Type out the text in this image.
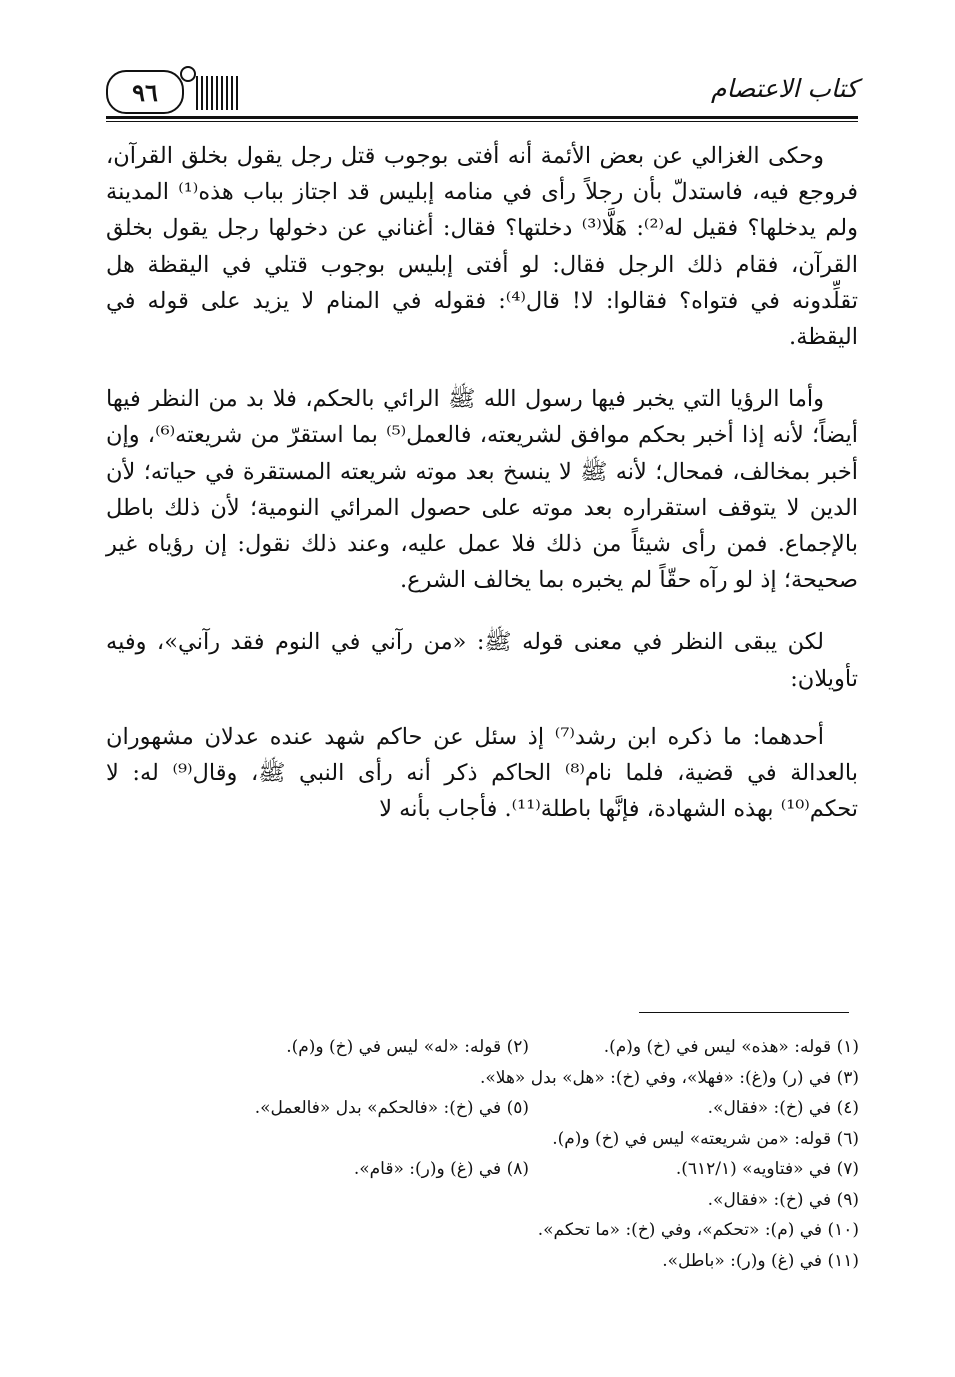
٩٦	كتاب الاعتصام

وحكى الغزالي عن بعض الأئمة أنه أفتى بوجوب قتل رجل يقول بخلق القرآن، فروجع فيه، فاستدلّ بأن رجلاً رأى في منامه إبليس قد اجتاز بباب هذه⁽¹⁾ المدينة ولم يدخلها؟ فقيل له⁽²⁾: هَلَّا⁽³⁾ دخلتها؟ فقال: أغناني عن دخولها رجل يقول بخلق القرآن، فقام ذلك الرجل فقال: لو أفتى إبليس بوجوب قتلي في اليقظة هل تقلِّدونه في فتواه؟ فقالوا: لا! قال⁽⁴⁾: فقوله في المنام لا يزيد على قوله في اليقظة.

وأما الرؤيا التي يخبر فيها رسول الله ﷺ الرائي بالحكم، فلا بد من النظر فيها أيضاً؛ لأنه إذا أخبر بحكم موافق لشريعته، فالعمل⁽⁵⁾ بما استقرّ من شريعته⁽⁶⁾، وإن أخبر بمخالف، فمحال؛ لأنه ﷺ لا ينسخ بعد موته شريعته المستقرة في حياته؛ لأن الدين لا يتوقف استقراره بعد موته على حصول المرائي النومية؛ لأن ذلك باطل بالإجماع. فمن رأى شيئاً من ذلك فلا عمل عليه، وعند ذلك نقول: إن رؤياه غير صحيحة؛ إذ لو رآه حقّاً لم يخبره بما يخالف الشرع.

لكن يبقى النظر في معنى قوله ﷺ: «من رآني في النوم فقد رآني»، وفيه تأويلان:

أحدهما: ما ذكره ابن رشد⁽⁷⁾ إذ سئل عن حاكم شهد عنده عدلان مشهوران بالعدالة في قضية، فلما نام⁽⁸⁾ الحاكم ذكر أنه رأى النبي ﷺ، وقال⁽⁹⁾ له: لا تحكم⁽¹⁰⁾ بهذه الشهادة، فإنَّها باطلة⁽¹¹⁾. فأجاب بأنه لا

(١) قوله: «هذه» ليس في (خ) و(م).
(٢) قوله: «له» ليس في (خ) و(م).
(٣) في (ر) و(غ): «فهلا»، وفي (خ): «هل» بدل «هلا».
(٤) في (خ): «فقال».
(٥) في (خ): «فالحكم» بدل «فالعمل».
(٦) قوله: «من شريعته» ليس في (خ) و(م).
(٧) في «فتاويه» (٦١٢/١).
(٨) في (غ) و(ر): «قام».
(٩) في (خ): «فقال».
(١٠) في (م): «تحكم»، وفي (خ): «ما تحكم».
(١١) في (غ) و(ر): «باطل».
